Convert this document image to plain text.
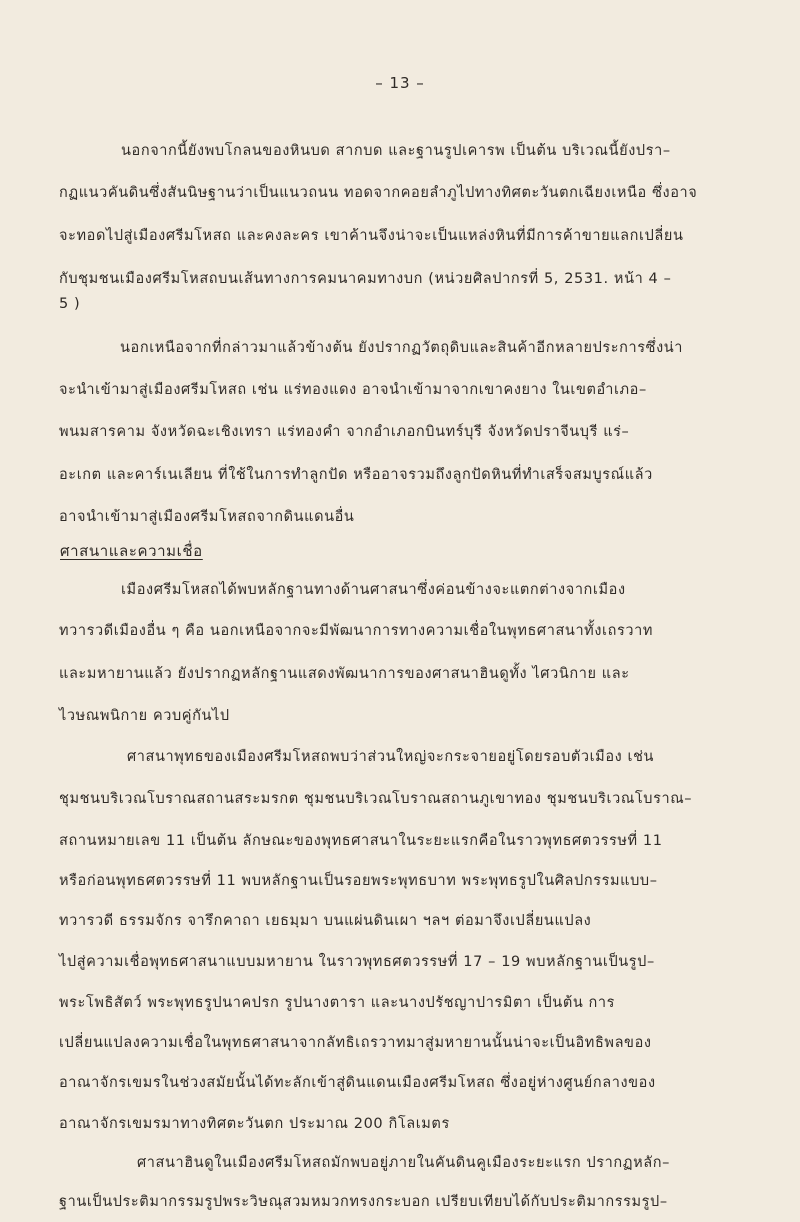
– 13 –

นอกจากนี้ยังพบโกลนของหินบด สากบด และฐานรูปเคารพ เป็นต้น บริเวณนี้ยังปรา–

กฏแนวคันดินซึ่งสันนิษฐานว่าเป็นแนวถนน ทอดจากคอยลำภูไปทางทิศตะวันตกเฉียงเหนือ ซึ่งอาจ

จะทอดไปสู่เมืองศรีมโหสถ และคงละคร เขาค้านจึงน่าจะเป็นแหล่งหินที่มีการค้าขายแลกเปลี่ยน

กับชุมชนเมืองศรีมโหสถบนเส้นทางการคมนาคมทางบก (หน่วยศิลปากรที่ 5, 2531. หน้า 4 –

5 )

นอกเหนือจากที่กล่าวมาแล้วข้างต้น ยังปรากฏวัตถุดิบและสินค้าอีกหลายประการซึ่งน่า

จะนำเข้ามาสู่เมืองศรีมโหสถ เช่น แร่ทองแดง อาจนำเข้ามาจากเขาคงยาง ในเขตอำเภอ–

พนมสารคาม จังหวัดฉะเชิงเทรา แร่ทองคำ จากอำเภอกบินทร์บุรี จังหวัดปราจีนบุรี แร่–

อะเกต และคาร์เนเลียน ที่ใช้ในการทำลูกปัด หรืออาจรวมถึงลูกปัดหินที่ทำเสร็จสมบูรณ์แล้ว

อาจนำเข้ามาสู่เมืองศรีมโหสถจากดินแดนอื่น

ศาสนาและความเชื่อ

เมืองศรีมโหสถได้พบหลักฐานทางด้านศาสนาซึ่งค่อนข้างจะแตกต่างจากเมือง

ทวารวดีเมืองอื่น ๆ คือ นอกเหนือจากจะมีพัฒนาการทางความเชื่อในพุทธศาสนาทั้งเถรวาท

และมหายานแล้ว ยังปรากฏหลักฐานแสดงพัฒนาการของศาสนาฮินดูทั้ง ไศวนิกาย และ

ไวษณพนิกาย ควบคู่กันไป

ศาสนาพุทธของเมืองศรีมโหสถพบว่าส่วนใหญ่จะกระจายอยู่โดยรอบตัวเมือง เช่น

ชุมชนบริเวณโบราณสถานสระมรกต ชุมชนบริเวณโบราณสถานภูเขาทอง ชุมชนบริเวณโบราณ–

สถานหมายเลข 11 เป็นต้น ลักษณะของพุทธศาสนาในระยะแรกคือในราวพุทธศตวรรษที่ 11

หรือก่อนพุทธศตวรรษที่ 11 พบหลักฐานเป็นรอยพระพุทธบาท พระพุทธรูปในศิลปกรรมแบบ–

ทวารวดี ธรรมจักร จารึกคาถา เยธมฺมา บนแผ่นดินเผา ฯลฯ ต่อมาจึงเปลี่ยนแปลง

ไปสู่ความเชื่อพุทธศาสนาแบบมหายาน ในราวพุทธศตวรรษที่ 17 – 19 พบหลักฐานเป็นรูป–

พระโพธิสัตว์ พระพุทธรูปนาคปรก รูปนางตารา และนางปรัชญาปารมิตา เป็นต้น การ

เปลี่ยนแปลงความเชื่อในพุทธศาสนาจากลัทธิเถรวาทมาสู่มหายานนั้นน่าจะเป็นอิทธิพลของ

อาณาจักรเขมรในช่วงสมัยนั้นได้ทะลักเข้าสู่ดินแดนเมืองศรีมโหสถ ซึ่งอยู่ห่างศูนย์กลางของ

อาณาจักรเขมรมาทางทิศตะวันตก ประมาณ 200 กิโลเมตร

ศาสนาฮินดูในเมืองศรีมโหสถมักพบอยู่ภายในคันดินคูเมืองระยะแรก ปรากฏหลัก–

ฐานเป็นประติมากรรมรูปพระวิษณุสวมหมวกทรงกระบอก เปรียบเทียบได้กับประติมากรรมรูป–
